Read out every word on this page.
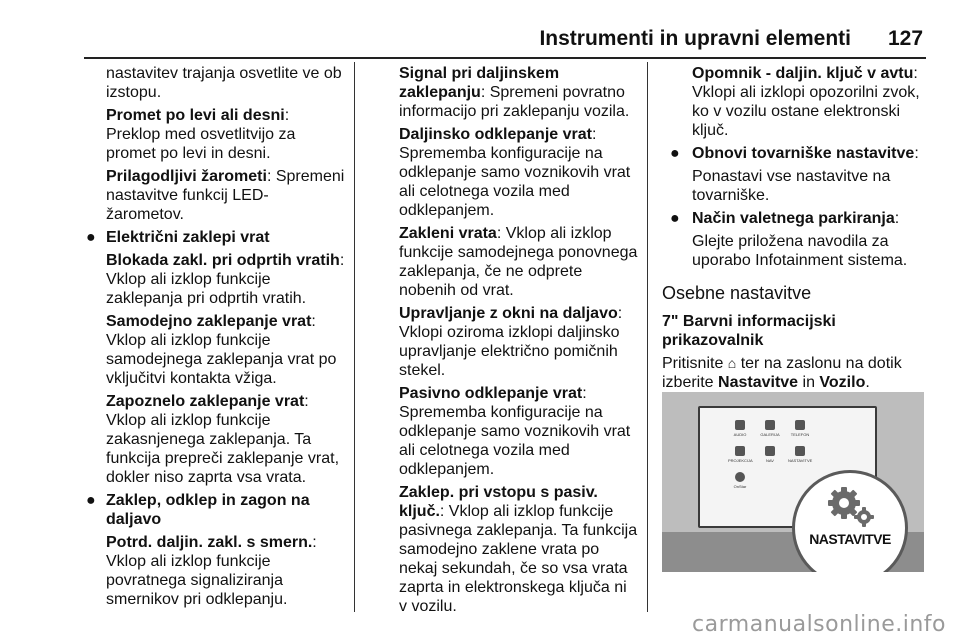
Instrumenti in upravni elementi 127

nastavitev trajanja osvetlite ve ob izstopu.

Promet po levi ali desni: Preklop med osvetlitvijo za promet po levi in desni.

Prilagodljivi žarometi: Spremeni nastavitve funkcij LED-žarometov.

● Električni zaklepi vrat

Blokada zakl. pri odprtih vratih: Vklop ali izklop funkcije zaklepanja pri odprtih vratih.

Samodejno zaklepanje vrat: Vklop ali izklop funkcije samodejnega zaklepanja vrat po vključitvi kontakta vžiga.

Zapoznelo zaklepanje vrat: Vklop ali izklop funkcije zakasnjenega zaklepanja. Ta funkcija prepreči zaklepanje vrat, dokler niso zaprta vsa vrata.

● Zaklep, odklep in zagon na daljavo

Potrd. daljin. zakl. s smern.: Vklop ali izklop funkcije povratnega signaliziranja smernikov pri odklepanju.

Signal pri daljinskem zaklepanju: Spremeni povratno informacijo pri zaklepanju vozila.

Daljinsko odklepanje vrat: Sprememba konfiguracije na odklepanje samo voznikovih vrat ali celotnega vozila med odklepanjem.

Zakleni vrata: Vklop ali izklop funkcije samodejnega ponovnega zaklepanja, če ne odprete nobenih od vrat.

Upravljanje z okni na daljavo: Vklopi oziroma izklopi daljinsko upravljanje električno pomičnih stekel.

Pasivno odklepanje vrat: Sprememba konfiguracije na odklepanje samo voznikovih vrat ali celotnega vozila med odklepanjem.

Zaklep. pri vstopu s pasiv. ključ.: Vklop ali izklop funkcije pasivnega zaklepanja. Ta funkcija samodejno zaklene vrata po nekaj sekundah, če so vsa vrata zaprta in elektronskega ključa ni v vozilu.

Opomnik - daljin. ključ v avtu: Vklopi ali izklopi opozorilni zvok, ko v vozilu ostane elektronski ključ.

● Obnovi tovarniške nastavitve:

Ponastavi vse nastavitve na tovarniške.

● Način valetnega parkiranja:

Glejte priložena navodila za uporabo Infotainment sistema.

Osebne nastavitve
7" Barvni informacijski prikazovalnik

Pritisnite ⌂ ter na zaslonu na dotik izberite Nastavitve in Vozilo.

AUDIO	GALERIJA	TELEFON
PROJEKCIJA	NAV	NASTAVITVE
OnStar
NASTAVITVE
carmanualsonline.info
